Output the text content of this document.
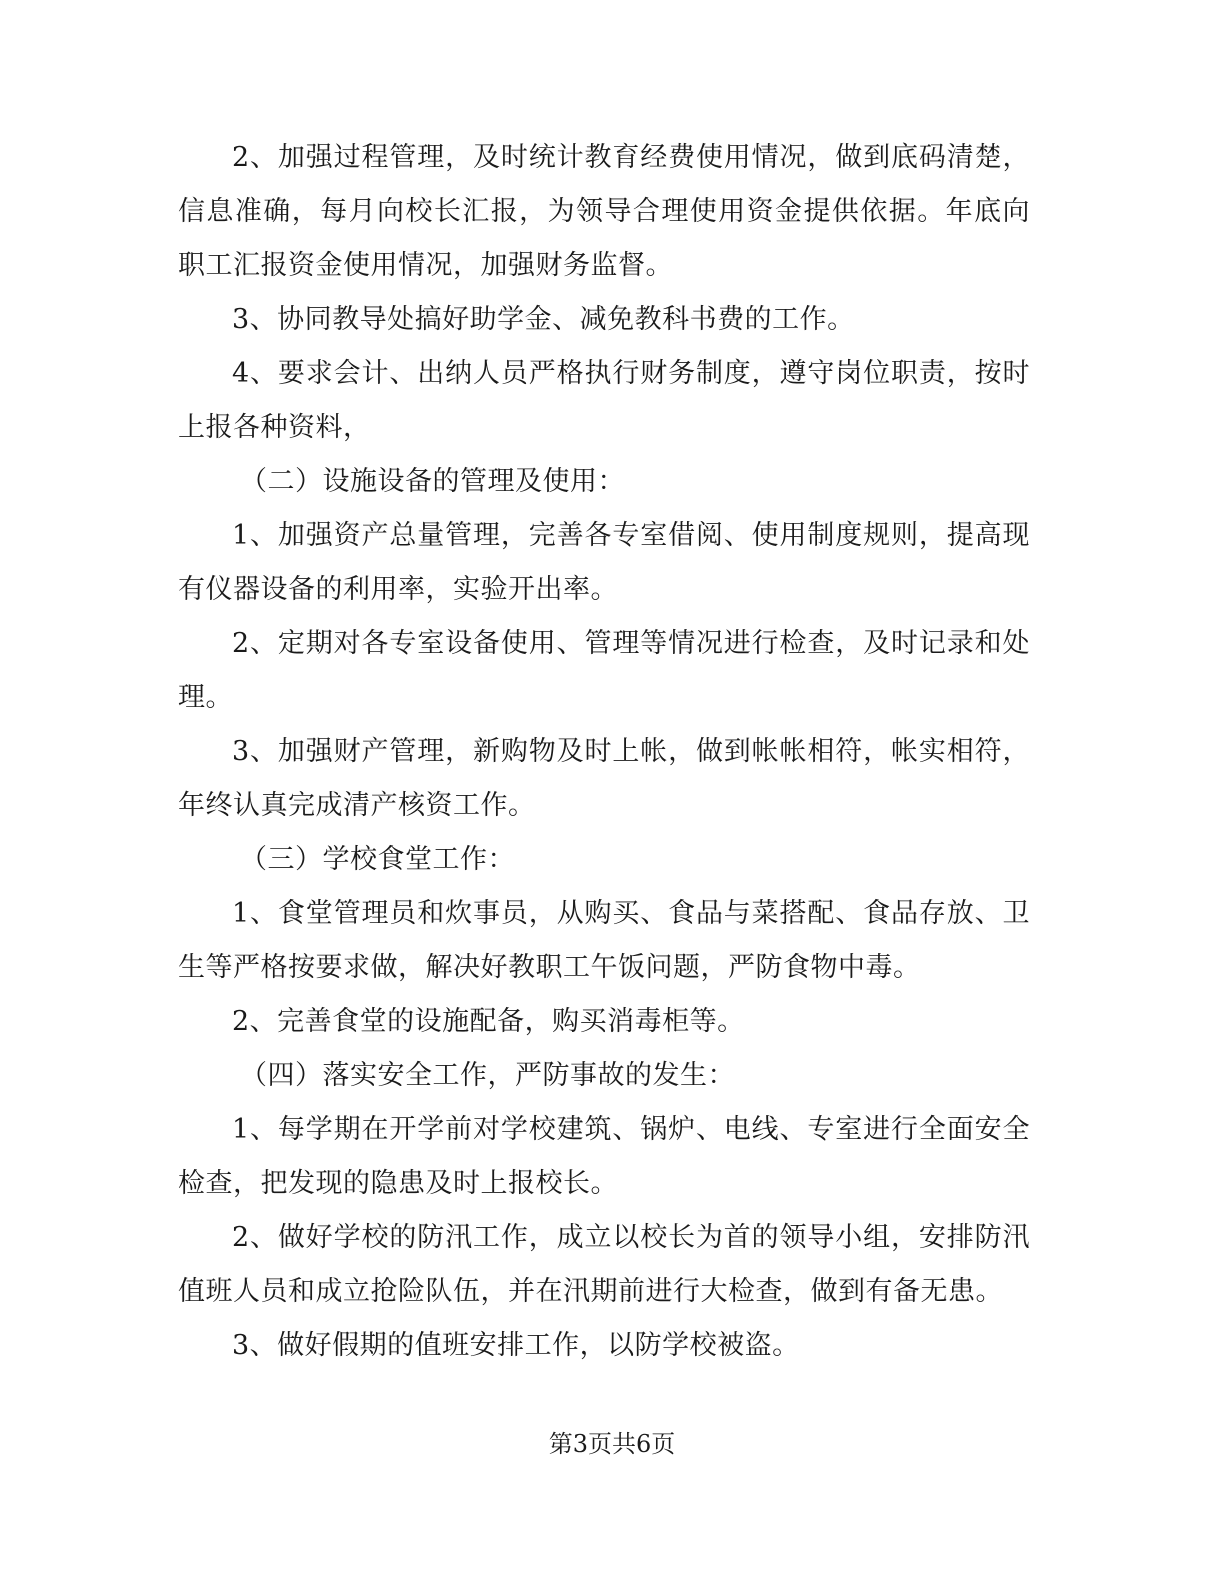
2、加强过程管理，及时统计教育经费使用情况，做到底码清楚，信息准确，每月向校长汇报，为领导合理使用资金提供依据。年底向职工汇报资金使用情况，加强财务监督。

3、协同教导处搞好助学金、减免教科书费的工作。

4、要求会计、出纳人员严格执行财务制度，遵守岗位职责，按时上报各种资料，

（二）设施设备的管理及使用：

1、加强资产总量管理，完善各专室借阅、使用制度规则，提高现有仪器设备的利用率，实验开出率。

2、定期对各专室设备使用、管理等情况进行检查，及时记录和处理。

3、加强财产管理，新购物及时上帐，做到帐帐相符，帐实相符，年终认真完成清产核资工作。

（三）学校食堂工作：

1、食堂管理员和炊事员，从购买、食品与菜搭配、食品存放、卫生等严格按要求做，解决好教职工午饭问题，严防食物中毒。

2、完善食堂的设施配备，购买消毒柜等。

（四）落实安全工作，严防事故的发生：

1、每学期在开学前对学校建筑、锅炉、电线、专室进行全面安全检查，把发现的隐患及时上报校长。

2、做好学校的防汛工作，成立以校长为首的领导小组，安排防汛值班人员和成立抢险队伍，并在汛期前进行大检查，做到有备无患。

3、做好假期的值班安排工作，以防学校被盗。

第3页共6页
